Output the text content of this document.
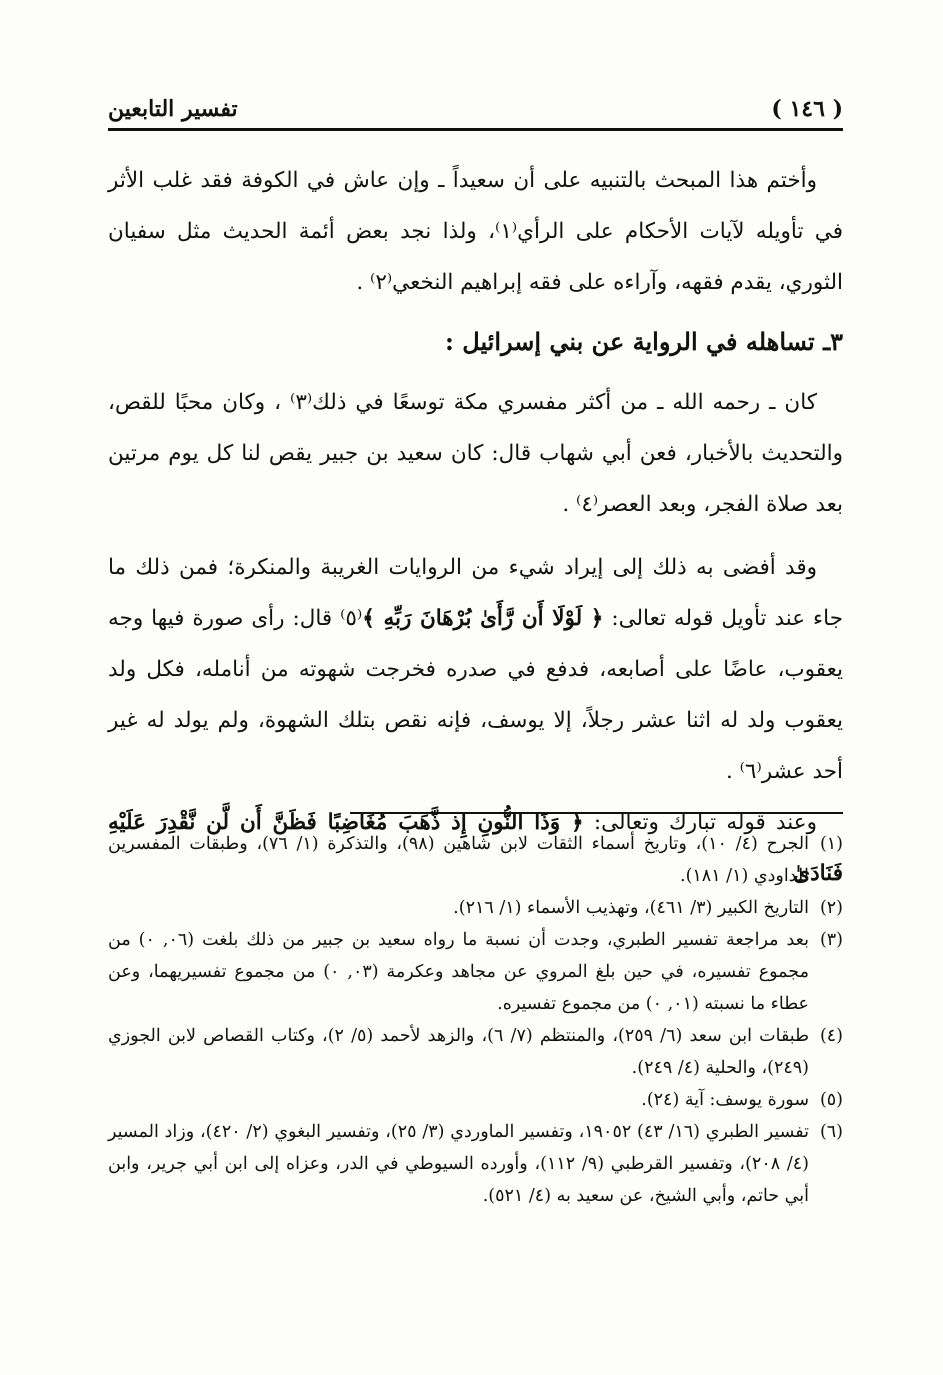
( ١٤٦ )
تفسير التابعين

وأختم هذا المبحث بالتنبيه على أن سعيداً ـ وإن عاش في الكوفة فقد غلب الأثر في تأويله لآيات الأحكام على الرأي⁽١⁾، ولذا نجد بعض أئمة الحديث مثل سفيان الثوري، يقدم فقهه، وآراءه على فقه إبراهيم النخعي⁽٢⁾ .

٣ـ تساهله في الرواية عن بني إسرائيل :

كان ـ رحمه الله ـ من أكثر مفسري مكة توسعًا في ذلك⁽٣⁾ ، وكان محبًا للقص، والتحديث بالأخبار، فعن أبي شهاب قال: كان سعيد بن جبير يقص لنا كل يوم مرتين بعد صلاة الفجر، وبعد العصر⁽٤⁾ .

وقد أفضى به ذلك إلى إيراد شيء من الروايات الغريبة والمنكرة؛ فمن ذلك ما جاء عند تأويل قوله تعالى: ﴿ لَوْلَا أَن رَّأَىٰ بُرْهَانَ رَبِّهِ ﴾⁽٥⁾ قال: رأى صورة فيها وجه يعقوب، عاضًا على أصابعه، فدفع في صدره فخرجت شهوته من أنامله، فكل ولد يعقوب ولد له اثنا عشر رجلاً، إلا يوسف، فإنه نقص بتلك الشهوة، ولم يولد له غير أحد عشر⁽٦⁾ .

وعند قوله تبارك وتعالى: ﴿ وَذَا النُّونِ إِذ ذَّهَبَ مُغَاضِبًا فَظَنَّ أَن لَّن نَّقْدِرَ عَلَيْهِ فَنَادَىٰ

(١)
الجرح (٤/ ١٠)، وتاريخ أسماء الثقات لابن شاهين (٩٨)، والتذكرة (١/ ٧٦)، وطبقات المفسرين للداودي (١/ ١٨١).
(٢)
التاريخ الكبير (٣/ ٤٦١)، وتهذيب الأسماء (١/ ٢١٦).
(٣)
بعد مراجعة تفسير الطبري، وجدت أن نسبة ما رواه سعيد بن جبير من ذلك بلغت (٠٦, ٠) من مجموع تفسيره، في حين بلغ المروي عن مجاهد وعكرمة (٠٣, ٠) من مجموع تفسيريهما، وعن عطاء ما نسبته (٠١, ٠) من مجموع تفسيره.
(٤)
طبقات ابن سعد (٦/ ٢٥٩)، والمنتظم (٧/ ٦)، والزهد لأحمد (٥/ ٢)، وكتاب القصاص لابن الجوزي (٢٤٩)، والحلية (٤/ ٢٤٩).
(٥)
سورة يوسف: آية (٢٤).
(٦)
تفسير الطبري (١٦/ ٤٣) ١٩٠٥٢، وتفسير الماوردي (٣/ ٢٥)، وتفسير البغوي (٢/ ٤٢٠)، وزاد المسير (٤/ ٢٠٨)، وتفسير القرطبي (٩/ ١١٢)، وأورده السيوطي في الدر، وعزاه إلى ابن أبي جرير، وابن أبي حاتم، وأبي الشيخ، عن سعيد به (٤/ ٥٢١).
